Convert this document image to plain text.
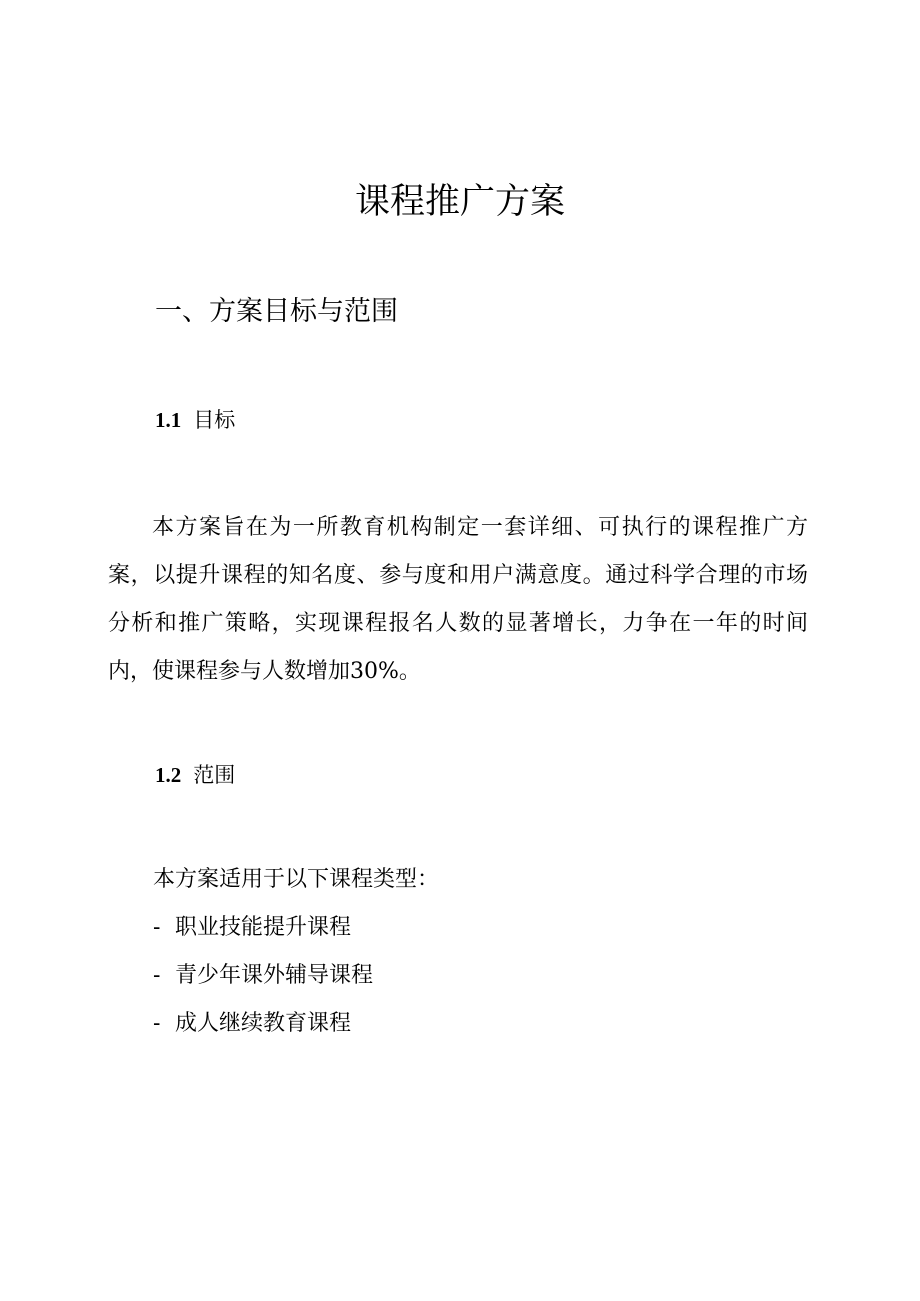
课程推广方案
一、方案目标与范围
1.1 目标

本方案旨在为一所教育机构制定一套详细、可执行的课程推广方案，以提升课程的知名度、参与度和用户满意度。通过科学合理的市场分析和推广策略，实现课程报名人数的显著增长，力争在一年的时间内，使课程参与人数增加30%。

1.2 范围

本方案适用于以下课程类型：

- 职业技能提升课程
- 青少年课外辅导课程
- 成人继续教育课程
